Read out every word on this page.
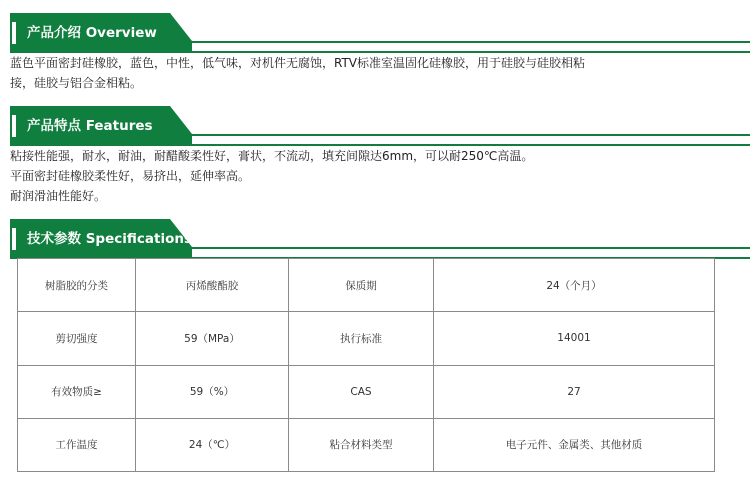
产品介绍 Overview

蓝色平面密封硅橡胶，蓝色，中性，低气味，对机件无腐蚀，RTV标准室温固化硅橡胶，用于硅胶与硅胶相粘

接，硅胶与铝合金相粘。

产品特点 Features

粘接性能强，耐水，耐油，耐醋酸柔性好，膏状，不流动，填充间隙达6mm，可以耐250℃高温。

平面密封硅橡胶柔性好，易挤出，延伸率高。

耐润滑油性能好。

技术参数 Specifications
树脂胶的分类	丙烯酸酯胶	保质期	24（个月）
剪切强度	59（MPa）	执行标准	14001
有效物质≥	59（%）	CAS	27
工作温度	24（℃）	粘合材料类型	电子元件、金属类、其他材质
